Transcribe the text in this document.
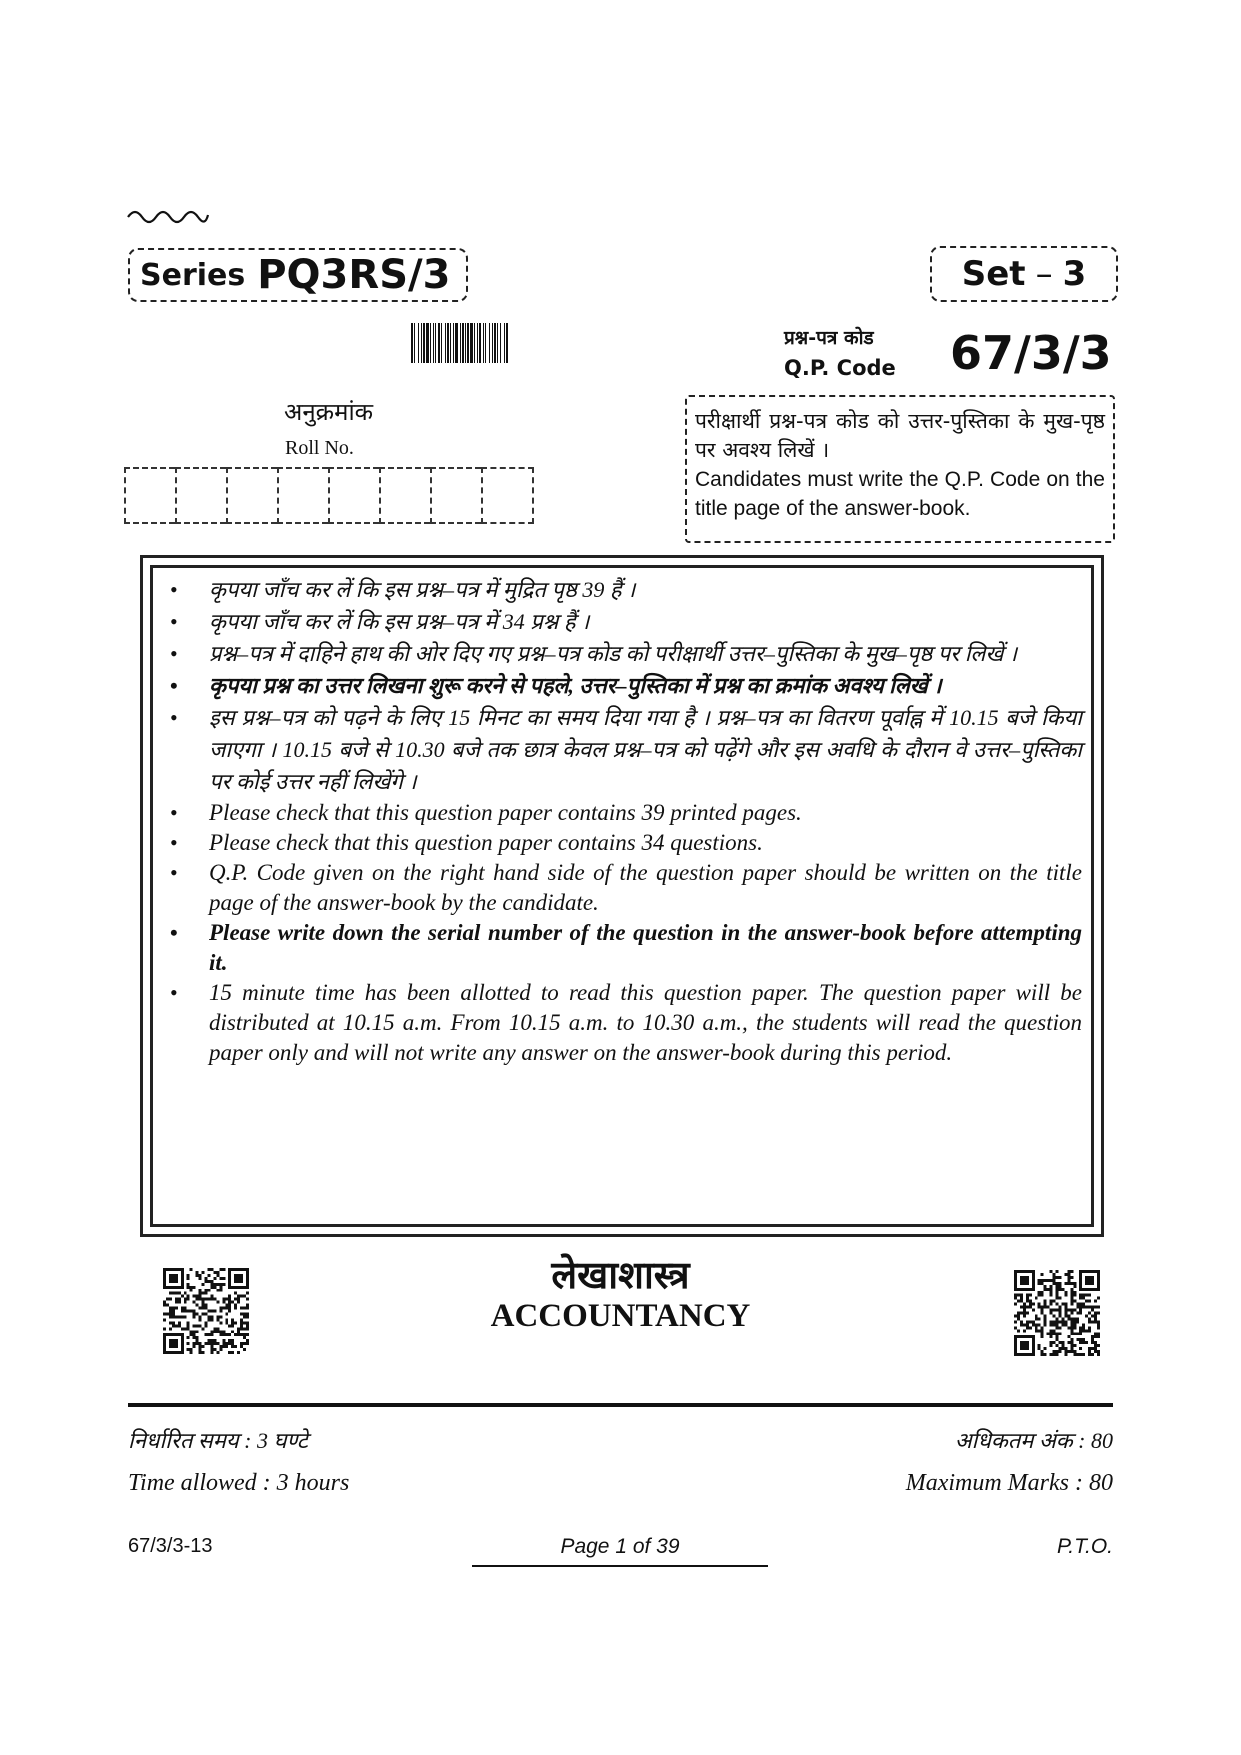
Series PQ3RS/3	Set – 3
प्रश्न-पत्र कोड
Q.P. Code 67/3/3
अनुक्रमांक
Roll No.
परीक्षार्थी प्रश्न-पत्र कोड को उत्तर-पुस्तिका के मुख-पृष्ठ पर अवश्य लिखें ।
Candidates must write the Q.P. Code on the title page of the answer-book.
• कृपया जाँच कर लें कि इस प्रश्न–पत्र में मुद्रित पृष्ठ 39 हैं ।
• कृपया जाँच कर लें कि इस प्रश्न–पत्र में 34 प्रश्न हैं ।
• प्रश्न–पत्र में दाहिने हाथ की ओर दिए गए प्रश्न–पत्र कोड को परीक्षार्थी उत्तर–पुस्तिका के मुख–पृष्ठ पर लिखें ।
• कृपया प्रश्न का उत्तर लिखना शुरू करने से पहले, उत्तर–पुस्तिका में प्रश्न का क्रमांक अवश्य लिखें ।
• इस प्रश्न–पत्र को पढ़ने के लिए 15 मिनट का समय दिया गया है । प्रश्न–पत्र का वितरण पूर्वाह्न में 10.15 बजे किया जाएगा । 10.15 बजे से 10.30 बजे तक छात्र केवल प्रश्न–पत्र को पढ़ेंगे और इस अवधि के दौरान वे उत्तर–पुस्तिका पर कोई उत्तर नहीं लिखेंगे ।
• Please check that this question paper contains 39 printed pages.
• Please check that this question paper contains 34 questions.
• Q.P. Code given on the right hand side of the question paper should be written on the title page of the answer-book by the candidate.
• Please write down the serial number of the question in the answer-book before attempting it.
• 15 minute time has been allotted to read this question paper. The question paper will be distributed at 10.15 a.m. From 10.15 a.m. to 10.30 a.m., the students will read the question paper only and will not write any answer on the answer-book during this period.
लेखाशास्त्र
ACCOUNTANCY
निर्धारित समय : 3 घण्टे	अधिकतम अंक : 80
Time allowed : 3 hours	Maximum Marks : 80
67/3/3-13	Page 1 of 39	P.T.O.
